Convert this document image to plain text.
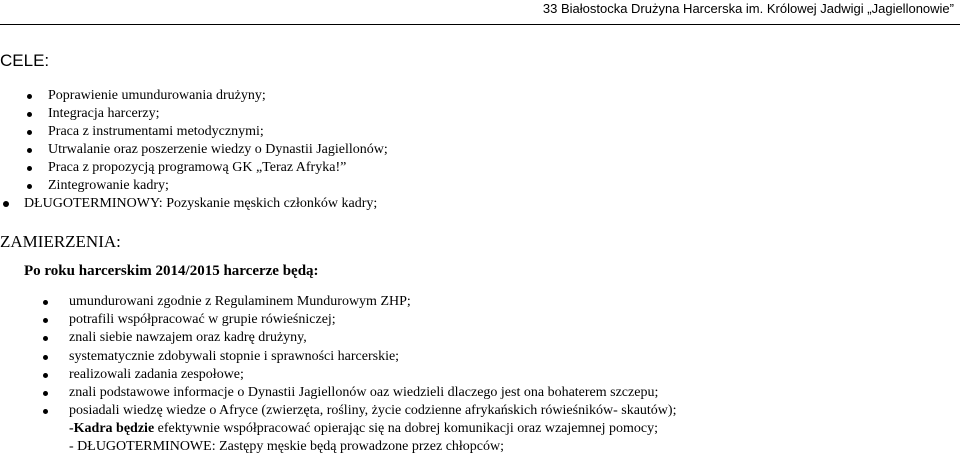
33 Białostocka Drużyna Harcerska im. Królowej Jadwigi „Jagiellonowie”
CELE:
Poprawienie umundurowania drużyny;
Integracja harcerzy;
Praca z instrumentami metodycznymi;
Utrwalanie oraz poszerzenie wiedzy o Dynastii Jagiellonów;
Praca z propozycją programową GK „Teraz Afryka!”
Zintegrowanie kadry;
DŁUGOTERMINOWY: Pozyskanie męskich członków kadry;
ZAMIERZENIA:
Po roku harcerskim 2014/2015 harcerze będą:
umundurowani zgodnie z Regulaminem Mundurowym ZHP;
potrafili współpracować w grupie rówieśniczej;
znali siebie nawzajem oraz kadrę drużyny,
systematycznie zdobywali stopnie i sprawności harcerskie;
realizowali zadania zespołowe;
znali podstawowe informacje o Dynastii Jagiellonów oaz wiedzieli dlaczego jest ona bohaterem szczepu;
posiadali wiedzę wiedze o Afryce (zwierzęta, rośliny, życie codzienne afrykańskich rówieśników- skautów);
-Kadra będzie efektywnie współpracować opierając się na dobrej komunikacji oraz wzajemnej pomocy;
- DŁUGOTERMINOWE: Zastępy męskie będą prowadzone przez chłopców;
